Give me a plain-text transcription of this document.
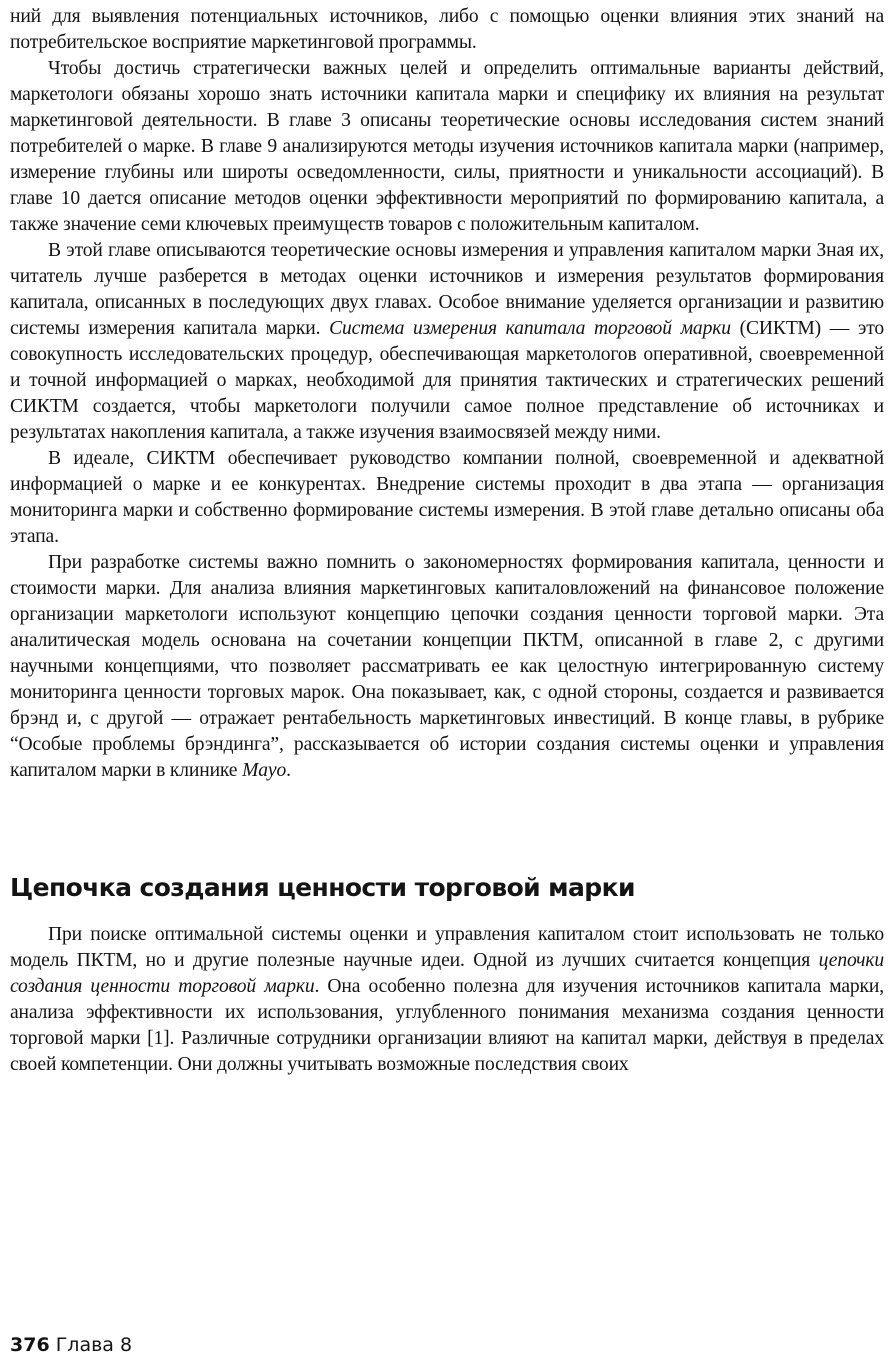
ний для выявления потенциальных источников, либо с помощью оценки влияния этих знаний на потребительское восприятие маркетинговой программы.

Чтобы достичь стратегически важных целей и определить оптимальные варианты действий, маркетологи обязаны хорошо знать источники капитала марки и специфику их влияния на результат маркетинговой деятельности. В главе 3 описаны теоретические основы исследования систем знаний потребителей о марке. В главе 9 анализируются методы изучения источников капитала марки (например, измерение глубины или широты осведомленности, силы, приятности и уникальности ассоциаций). В главе 10 дается описание методов оценки эффективности мероприятий по формированию капитала, а также значение семи ключевых преимуществ товаров с положительным капиталом.

В этой главе описываются теоретические основы измерения и управления капиталом марки Зная их, читатель лучше разберется в методах оценки источников и измерения результатов формирования капитала, описанных в последующих двух главах. Особое внимание уделяется организации и развитию системы измерения капитала марки. Система измерения капитала торговой марки (СИКТМ) — это совокупность исследовательских процедур, обеспечивающая маркетологов оперативной, своевременной и точной информацией о марках, необходимой для принятия тактических и стратегических решений СИКТМ создается, чтобы маркетологи получили самое полное представление об источниках и результатах накопления капитала, а также изучения взаимосвязей между ними.

В идеале, СИКТМ обеспечивает руководство компании полной, своевременной и адекватной информацией о марке и ее конкурентах. Внедрение системы проходит в два этапа — организация мониторинга марки и собственно формирование системы измерения. В этой главе детально описаны оба этапа.

При разработке системы важно помнить о закономерностях формирования капитала, ценности и стоимости марки. Для анализа влияния маркетинговых капиталовложений на финансовое положение организации маркетологи используют концепцию цепочки создания ценности торговой марки. Эта аналитическая модель основана на сочетании концепции ПКТМ, описанной в главе 2, с другими научными концепциями, что позволяет рассматривать ее как целостную интегрированную систему мониторинга ценности торговых марок. Она показывает, как, с одной стороны, создается и развивается брэнд и, с другой — отражает рентабельность маркетинговых инвестиций. В конце главы, в рубрике “Особые проблемы брэндинга”, рассказывается об истории создания системы оценки и управления капиталом марки в клинике Mayo.

Цепочка создания ценности торговой марки

При поиске оптимальной системы оценки и управления капиталом стоит использовать не только модель ПКТМ, но и другие полезные научные идеи. Одной из лучших считается концепция цепочки создания ценности торговой марки. Она особенно полезна для изучения источников капитала марки, анализа эффективности их использования, углубленного понимания механизма создания ценности торговой марки [1]. Различные сотрудники организации влияют на капитал марки, действуя в пределах своей компетенции. Они должны учитывать возможные последствия своих

376 Глава 8
